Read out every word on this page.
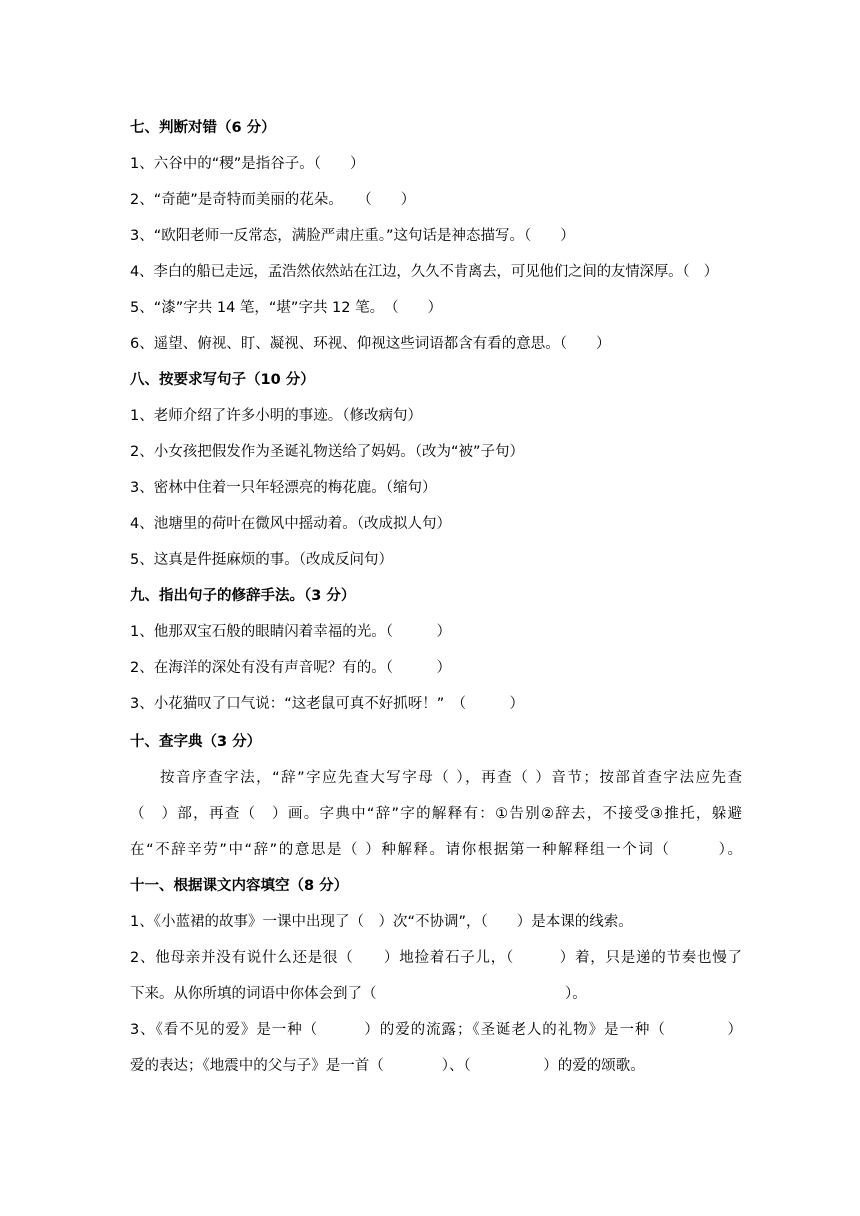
七、判断对错（6 分）
1、六谷中的“稷”是指谷子。（　　）
2、“奇葩”是奇特而美丽的花朵。　　（　　）
3、“欧阳老师一反常态，满脸严肃庄重。”这句话是神态描写。（　　）
4、李白的船已走远，孟浩然依然站在江边，久久不肯离去，可见他们之间的友情深厚。（　）
5、“漆”字共 14 笔，“堪”字共 12 笔。　（　　）
6、遥望、俯视、盯、凝视、环视、仰视这些词语都含有看的意思。（　　）
八、按要求写句子（10 分）
1、老师介绍了许多小明的事迹。（修改病句）
2、小女孩把假发作为圣诞礼物送给了妈妈。（改为“被”子句）
3、密林中住着一只年轻漂亮的梅花鹿。（缩句）
4、池塘里的荷叶在微风中摇动着。（改成拟人句）
5、这真是件挺麻烦的事。（改成反问句）
九、指出句子的修辞手法。（3 分）
1、他那双宝石般的眼睛闪着幸福的光。（　　　）
2、在海洋的深处有没有声音呢？有的。（　　　）
3、小花猫叹了口气说：“这老鼠可真不好抓呀！”　（　　　）
十、查字典（3 分）
按音序查字法，“辞”字应先查大写字母（ ），再查（ ）音节；按部首查字法应先查
（　）部，再查（　）画。字典中“辞”字的解释有：①告别②辞去，不接受③推托，躲避
在“不辞辛劳”中“辞”的意思是（ ）种解释。请你根据第一种解释组一个词（　　　）。
十一、根据课文内容填空（8 分）
1、《小蓝裙的故事》一课中出现了（　）次“不协调”，（　　）是本课的线索。
2、他母亲并没有说什么还是很（　　）地捡着石子儿，（　　　）着，只是递的节奏也慢了
下来。从你所填的词语中你体会到了（　　　　　　　　　　　　　）。
3、《看不见的爱》是一种（　　　）的爱的流露；《圣诞老人的礼物》是一种（　　　　）
爱的表达；《地震中的父与子》是一首（　　　　）、（　　　　　）的爱的颂歌。
